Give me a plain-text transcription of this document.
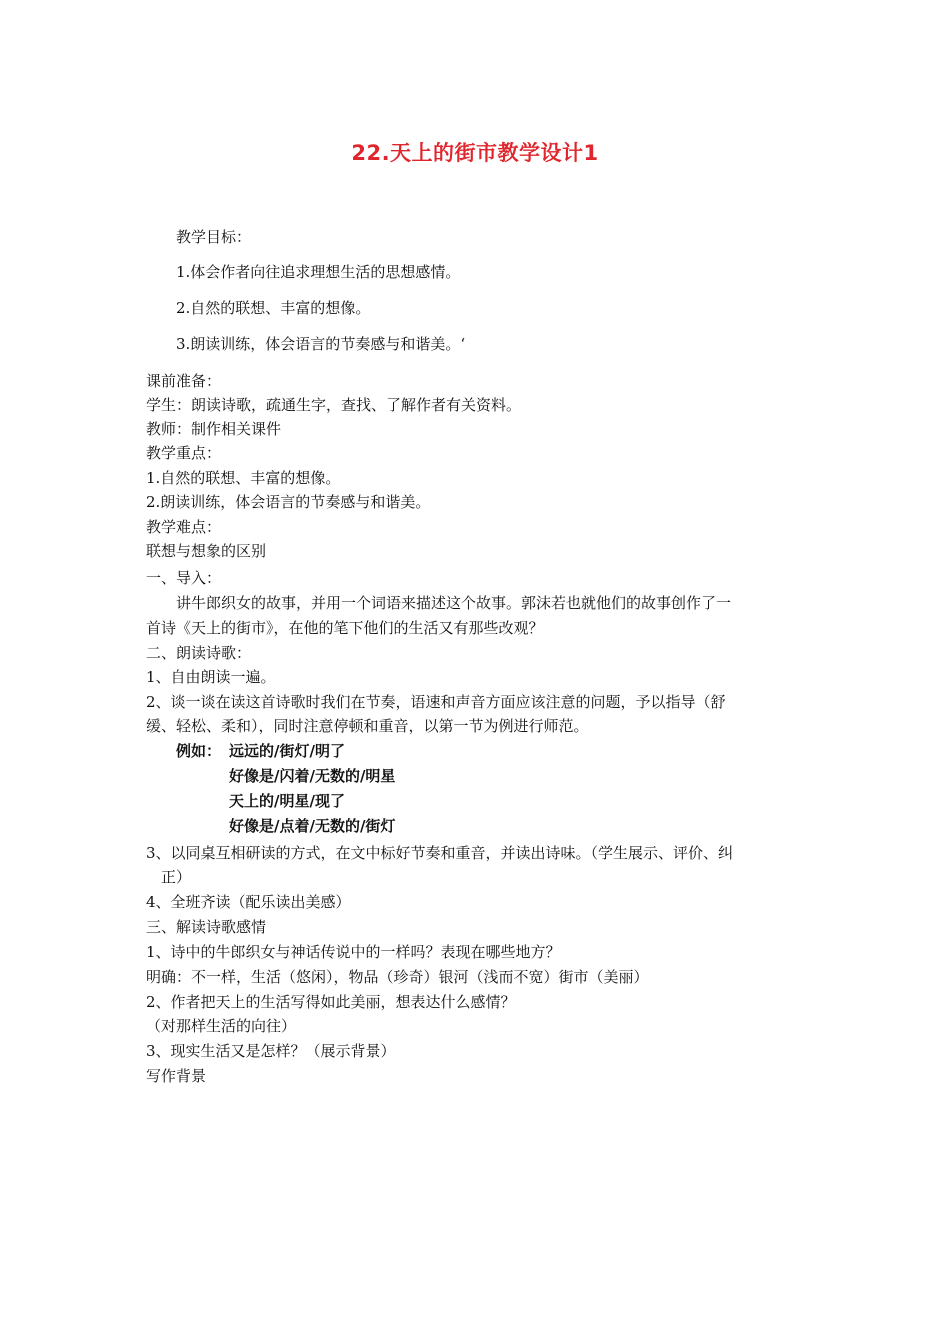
22.天上的街市教学设计1
教学目标：
1.体会作者向往追求理想生活的思想感情。
2.自然的联想、丰富的想像。
3.朗读训练，体会语言的节奏感与和谐美。‘
课前准备：
学生：朗读诗歌，疏通生字，查找、了解作者有关资料。
教师：制作相关课件
教学重点：
1.自然的联想、丰富的想像。
2.朗读训练，体会语言的节奏感与和谐美。
教学难点：
联想与想象的区别
一、导入：
讲牛郎织女的故事，并用一个词语来描述这个故事。郭沫若也就他们的故事创作了一
首诗《天上的街市》，在他的笔下他们的生活又有那些改观？
二、朗读诗歌：
1、自由朗读一遍。
2、谈一谈在读这首诗歌时我们在节奏，语速和声音方面应该注意的问题，予以指导（舒
缓、轻松、柔和），同时注意停顿和重音，以第一节为例进行师范。
例如： 远远的/街灯/明了
好像是/闪着/无数的/明星
天上的/明星/现了
好像是/点着/无数的/街灯
3、以同桌互相研读的方式，在文中标好节奏和重音，并读出诗味。（学生展示、评价、纠
正）
4、全班齐读（配乐读出美感）
三、解读诗歌感情
1、诗中的牛郎织女与神话传说中的一样吗？表现在哪些地方？
明确：不一样，生活（悠闲），物品（珍奇）银河（浅而不宽）街市（美丽）
2、作者把天上的生活写得如此美丽，想表达什么感情？
（对那样生活的向往）
3、现实生活又是怎样？（展示背景）
写作背景
